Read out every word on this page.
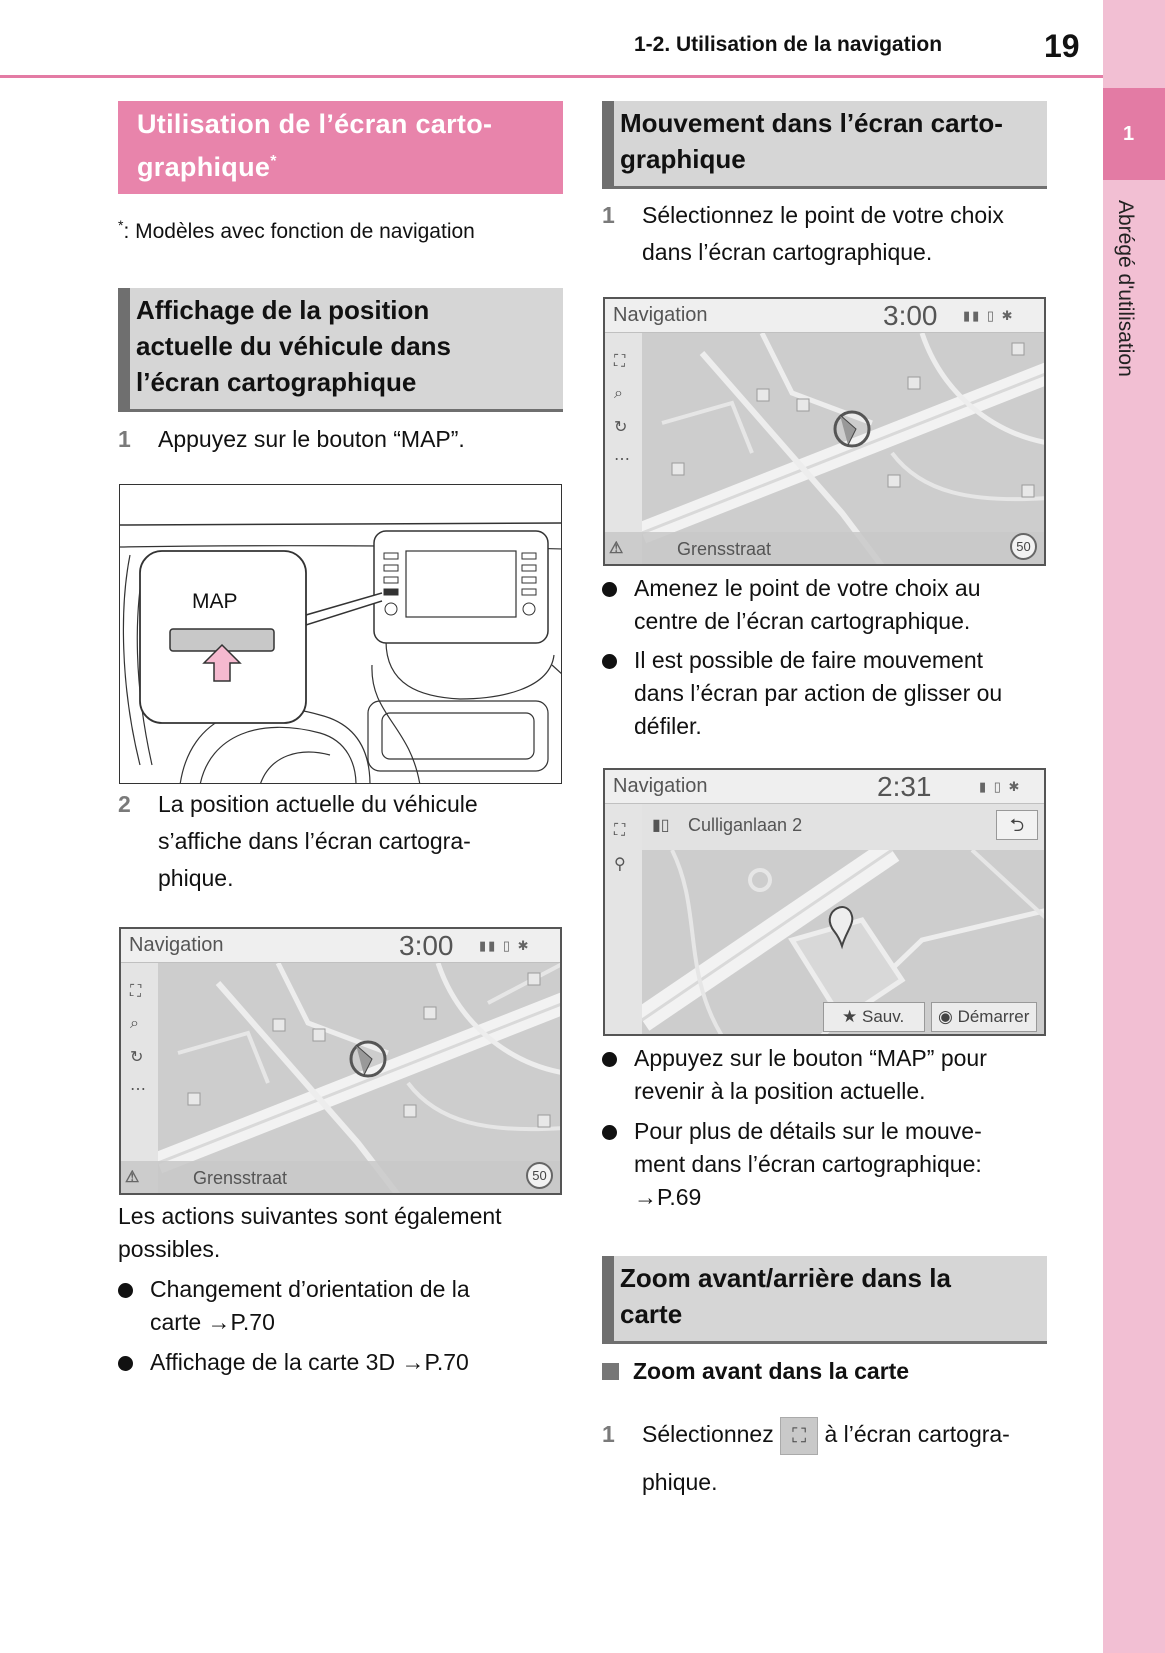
1-2. Utilisation de la navigation	19
1
Abrégé d'utilisation
Utilisation de l’écran carto-
graphique*
*: Modèles avec fonction de navigation
Affichage de la position
actuelle du véhicule dans
l’écran cartographique
1	Appuyez sur le bouton “MAP”.
MAP
2	La position actuelle du véhicule
s’affiche dans l’écran cartogra-
phique.
⛶
⌕
↻
⋯
Navigation	3:00 ▮▮ ▯ ✱
⚠	Grensstraat	50
Les actions suivantes sont également
possibles.
Changement d’orientation de la
carte →P.70
Affichage de la carte 3D →P.70
Mouvement dans l’écran carto-
graphique
1	Sélectionnez le point de votre choix
dans l’écran cartographique.
⛶
⌕
↻
⋯
Navigation	3:00 ▮▮ ▯ ✱
⚠	Grensstraat	50
Amenez le point de votre choix au
centre de l’écran cartographique.
Il est possible de faire mouvement
dans l’écran par action de glisser ou
défiler.
⛶
⚲
▮▯ Culliganlaan 2	⮌
Navigation	2:31	▮ ▯ ✱
★ Sauv.	◉ Démarrer
Appuyez sur le bouton “MAP” pour
revenir à la position actuelle.
Pour plus de détails sur le mouve-
ment dans l’écran cartographique:
→P.69
Zoom avant/arrière dans la
carte
Zoom avant dans la carte
1	Sélectionnez ⛶ à l’écran cartogra-
phique.
